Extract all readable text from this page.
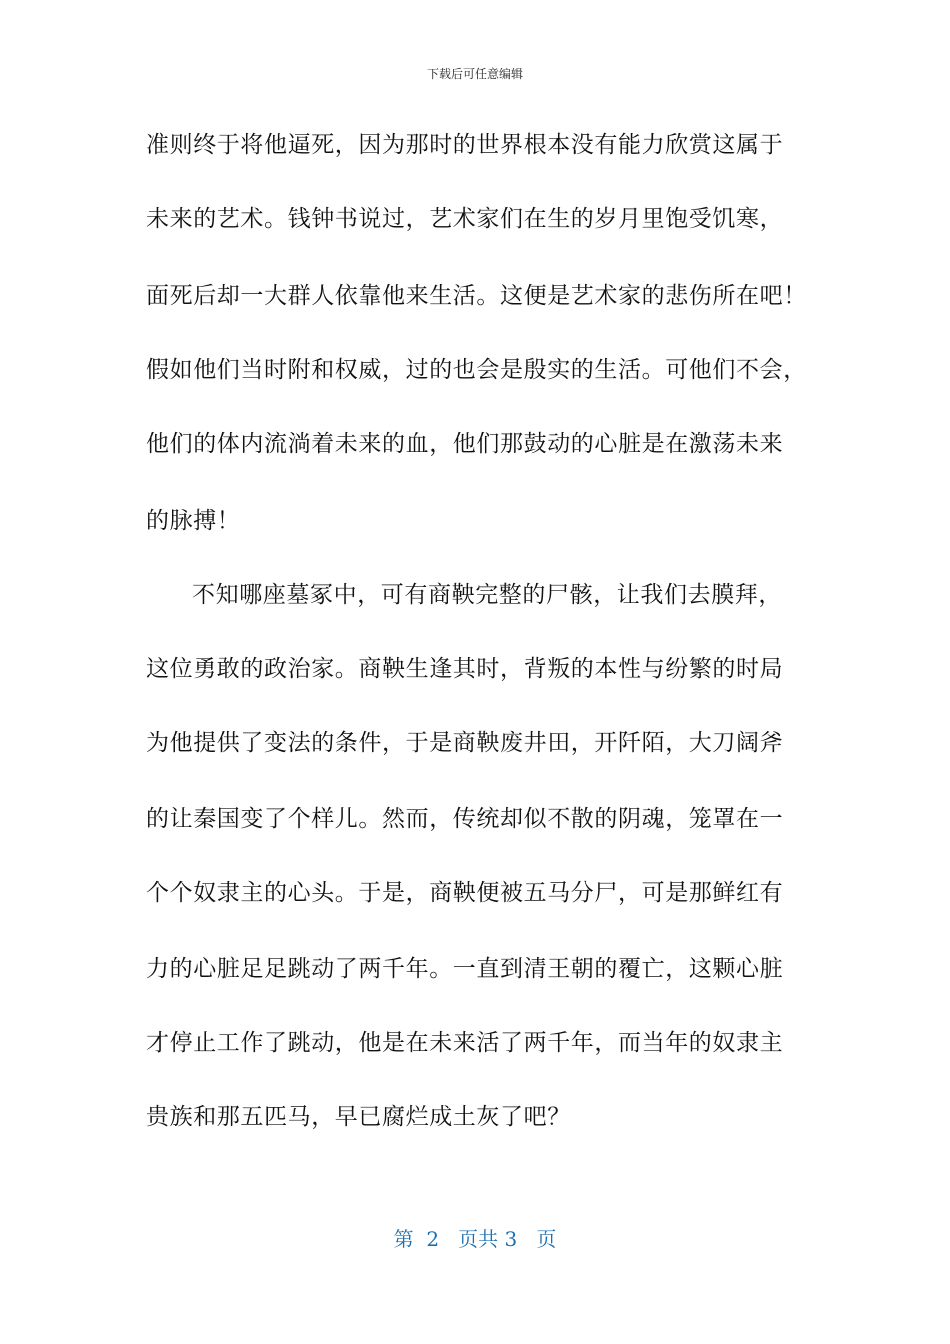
下载后可任意编辑
准则终于将他逼死，因为那时的世界根本没有能力欣赏这属于
未来的艺术。钱钟书说过，艺术家们在生的岁月里饱受饥寒，
面死后却一大群人依靠他来生活。这便是艺术家的悲伤所在吧！
假如他们当时附和权威，过的也会是殷实的生活。可他们不会，
他们的体内流淌着未来的血，他们那鼓动的心脏是在激荡未来
的脉搏！
不知哪座墓冢中，可有商鞅完整的尸骸，让我们去膜拜，
这位勇敢的政治家。商鞅生逢其时，背叛的本性与纷繁的时局
为他提供了变法的条件，于是商鞅废井田，开阡陌，大刀阔斧
的让秦国变了个样儿。然而，传统却似不散的阴魂，笼罩在一
个个奴隶主的心头。于是，商鞅便被五马分尸，可是那鲜红有
力的心脏足足跳动了两千年。一直到清王朝的覆亡，这颗心脏
才停止工作了跳动，他是在未来活了两千年，而当年的奴隶主
贵族和那五匹马，早已腐烂成土灰了吧？
第  2   页共 3   页
